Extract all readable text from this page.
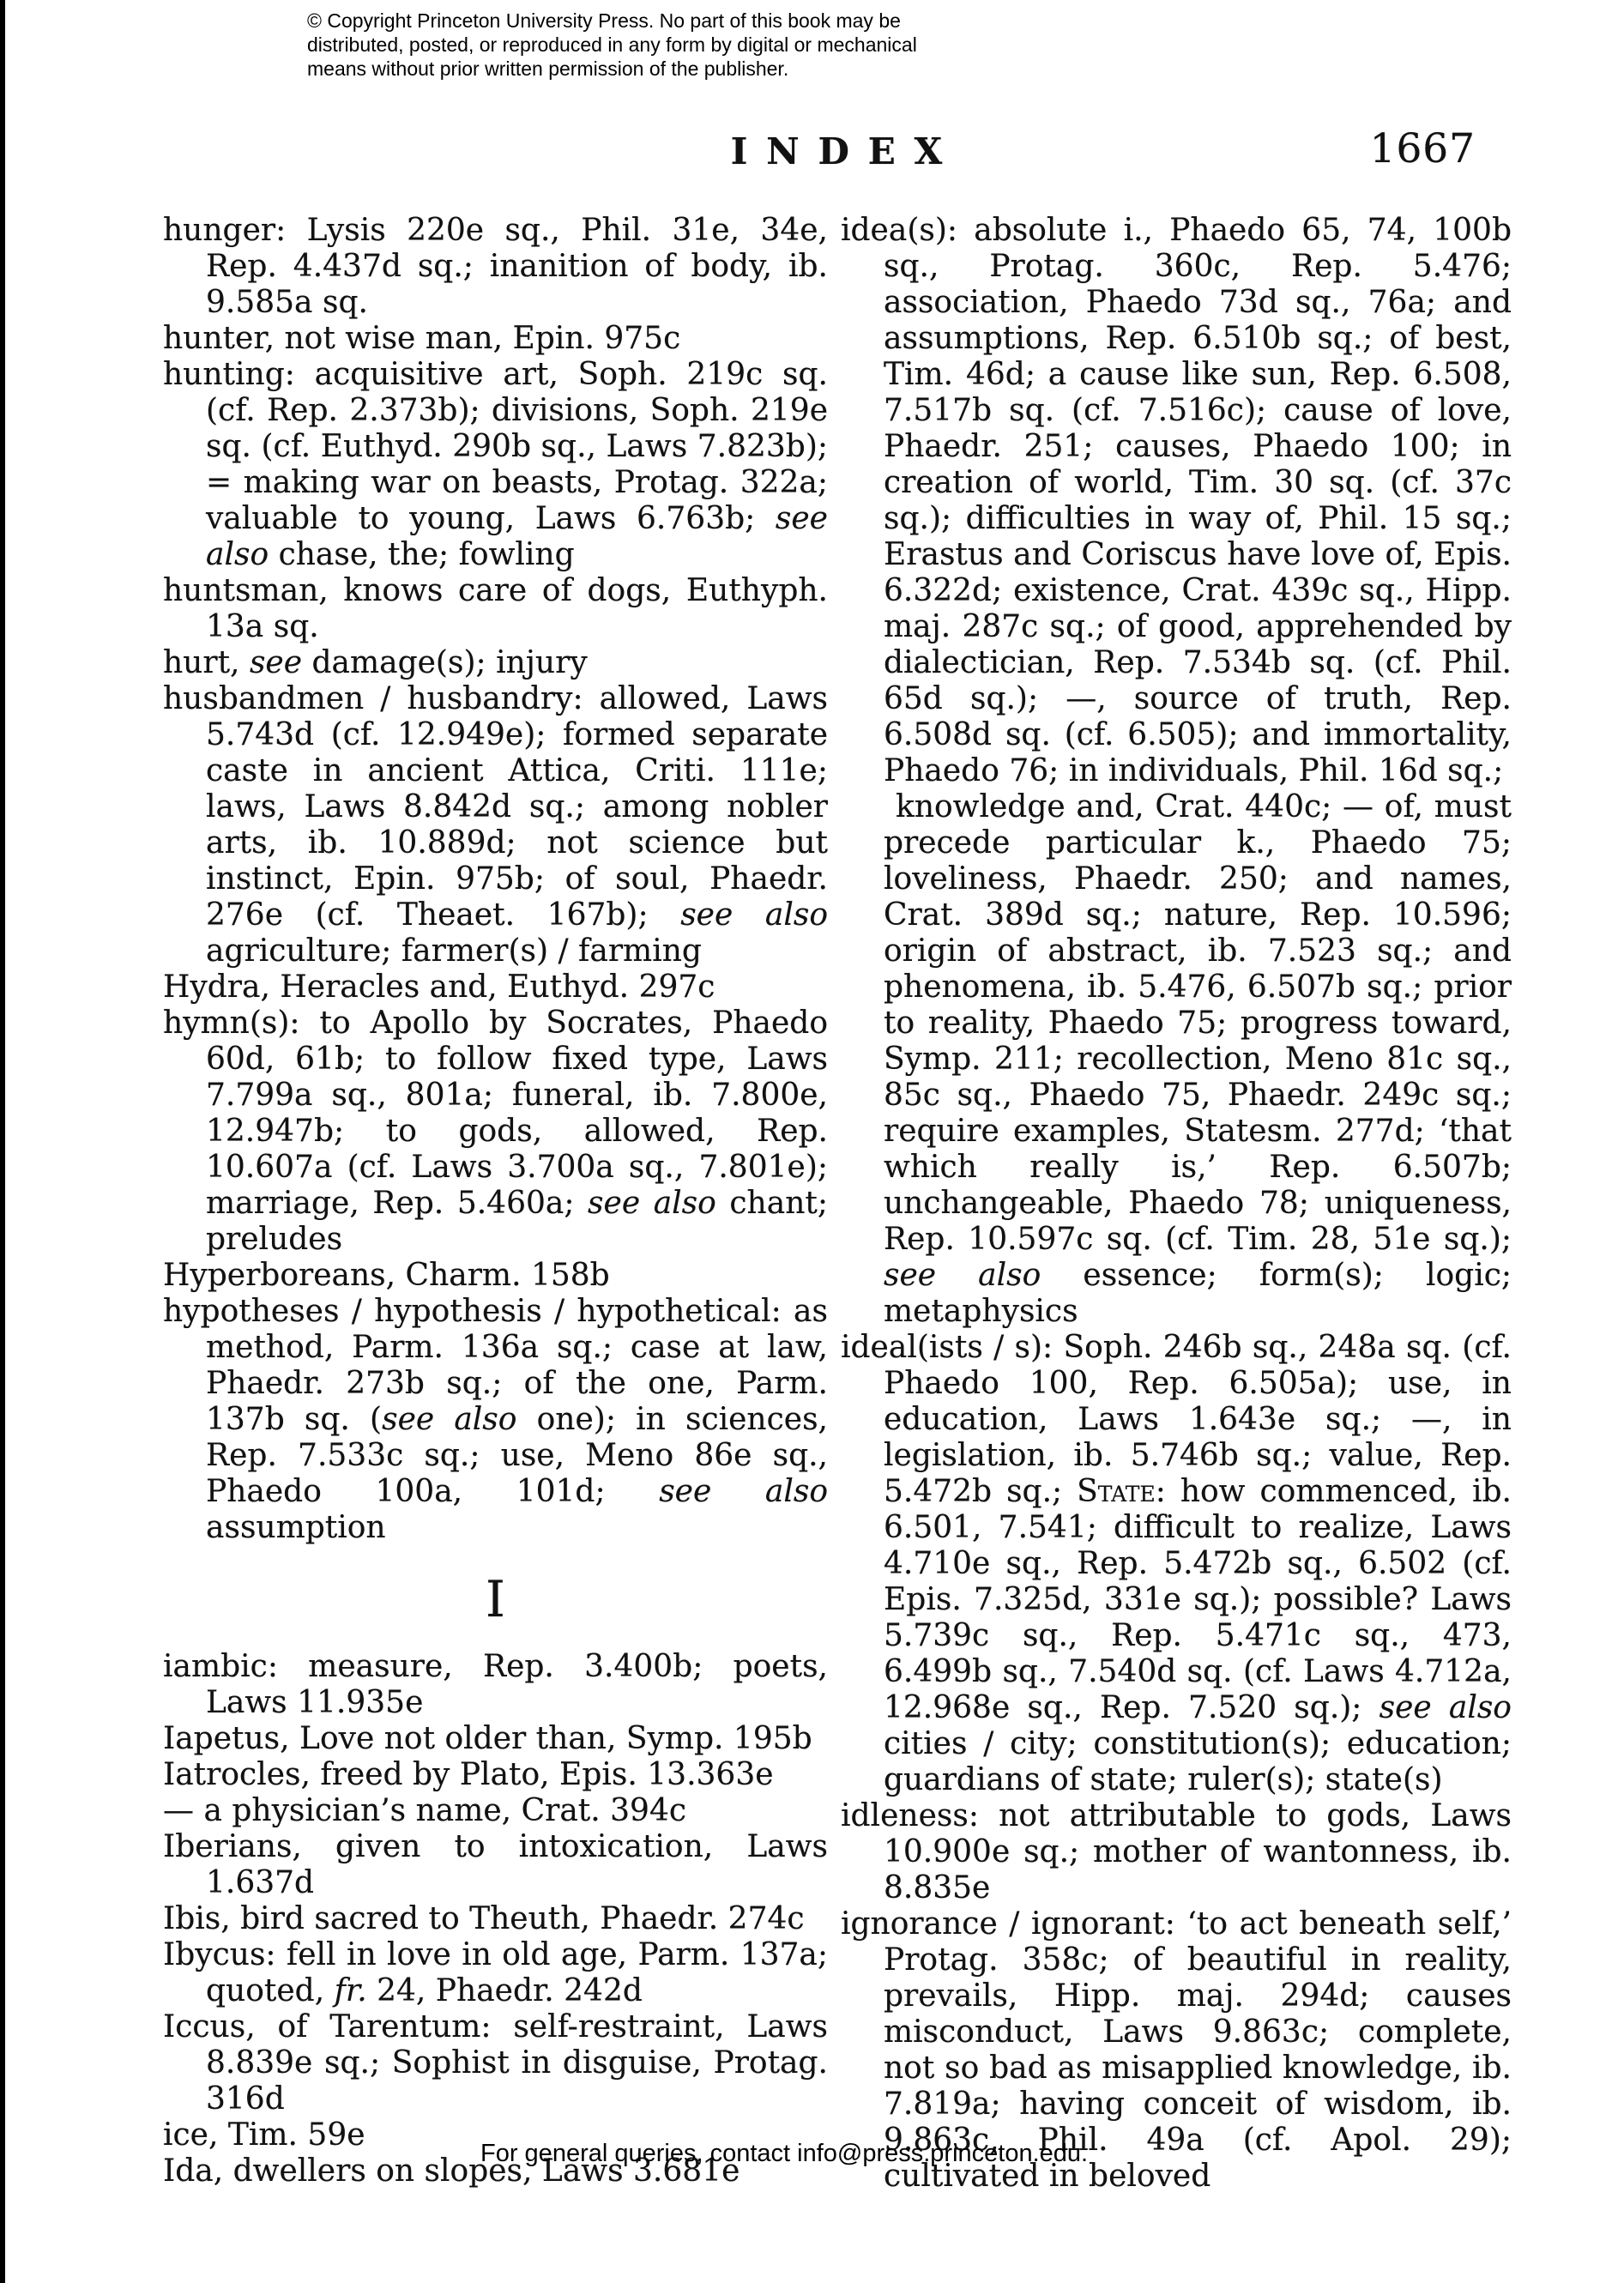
© Copyright Princeton University Press. No part of this book may be
distributed, posted, or reproduced in any form by digital or mechanical
means without prior written permission of the publisher.
INDEX	1667
hunger: Lysis 220e sq., Phil. 31e, 34e, Rep. 4.437d sq.; inanition of body, ib. 9.585a sq.
hunter, not wise man, Epin. 975c
hunting: acquisitive art, Soph. 219c sq. (cf. Rep. 2.373b); divisions, Soph. 219e sq. (cf. Euthyd. 290b sq., Laws 7.823b); = making war on beasts, Protag. 322a; valuable to young, Laws 6.763b; see also chase, the; fowling
huntsman, knows care of dogs, Euthyph. 13a sq.
hurt, see damage(s); injury
husbandmen / husbandry: allowed, Laws 5.743d (cf. 12.949e); formed separate caste in ancient Attica, Criti. 111e; laws, Laws 8.842d sq.; among nobler arts, ib. 10.889d; not science but instinct, Epin. 975b; of soul, Phaedr. 276e (cf. Theaet. 167b); see also agriculture; farmer(s) / farming
Hydra, Heracles and, Euthyd. 297c
hymn(s): to Apollo by Socrates, Phaedo 60d, 61b; to follow fixed type, Laws 7.799a sq., 801a; funeral, ib. 7.800e, 12.947b; to gods, allowed, Rep. 10.607a (cf. Laws 3.700a sq., 7.801e); marriage, Rep. 5.460a; see also chant; preludes
Hyperboreans, Charm. 158b
hypotheses / hypothesis / hypothetical: as method, Parm. 136a sq.; case at law, Phaedr. 273b sq.; of the one, Parm. 137b sq. (see also one); in sciences, Rep. 7.533c sq.; use, Meno 86e sq., Phaedo 100a, 101d; see also assumption
I
iambic: measure, Rep. 3.400b; poets, Laws 11.935e
Iapetus, Love not older than, Symp. 195b
Iatrocles, freed by Plato, Epis. 13.363e
— a physician’s name, Crat. 394c
Iberians, given to intoxication, Laws 1.637d
Ibis, bird sacred to Theuth, Phaedr. 274c
Ibycus: fell in love in old age, Parm. 137a; quoted, fr. 24, Phaedr. 242d
Iccus, of Tarentum: self-restraint, Laws 8.839e sq.; Sophist in disguise, Protag. 316d
ice, Tim. 59e
Ida, dwellers on slopes, Laws 3.681e
idea(s): absolute i., Phaedo 65, 74, 100b sq., Protag. 360c, Rep. 5.476; association, Phaedo 73d sq., 76a; and assumptions, Rep. 6.510b sq.; of best, Tim. 46d; a cause like sun, Rep. 6.508, 7.517b sq. (cf. 7.516c); cause of love, Phaedr. 251; causes, Phaedo 100; in creation of world, Tim. 30 sq. (cf. 37c sq.); difficulties in way of, Phil. 15 sq.; Erastus and Coriscus have love of, Epis. 6.322d; existence, Crat. 439c sq., Hipp. maj. 287c sq.; of good, apprehended by dialectician, Rep. 7.534b sq. (cf. Phil. 65d sq.); —, source of truth, Rep. 6.508d sq. (cf. 6.505); and immortality, Phaedo 76; in individuals, Phil. 16d sq.;
knowledge and, Crat. 440c; — of, must precede particular k., Phaedo 75; loveliness, Phaedr. 250; and names, Crat. 389d sq.; nature, Rep. 10.596; origin of abstract, ib. 7.523 sq.; and phenomena, ib. 5.476, 6.507b sq.; prior to reality, Phaedo 75; progress toward, Symp. 211; recollection, Meno 81c sq., 85c sq., Phaedo 75, Phaedr. 249c sq.; require examples, Statesm. 277d; ‘that which really is,’ Rep. 6.507b; unchangeable, Phaedo 78; uniqueness, Rep. 10.597c sq. (cf. Tim. 28, 51e sq.); see also essence; form(s); logic; metaphysics
ideal(ists / s): Soph. 246b sq., 248a sq. (cf. Phaedo 100, Rep. 6.505a); use, in education, Laws 1.643e sq.; —, in legislation, ib. 5.746b sq.; value, Rep. 5.472b sq.; State: how commenced, ib. 6.501, 7.541; difficult to realize, Laws 4.710e sq., Rep. 5.472b sq., 6.502 (cf. Epis. 7.325d, 331e sq.); possible? Laws 5.739c sq., Rep. 5.471c sq., 473, 6.499b sq., 7.540d sq. (cf. Laws 4.712a, 12.968e sq., Rep. 7.520 sq.); see also cities / city; constitution(s); education; guardians of state; ruler(s); state(s)
idleness: not attributable to gods, Laws 10.900e sq.; mother of wantonness, ib. 8.835e
ignorance / ignorant: ‘to act beneath self,’ Protag. 358c; of beautiful in reality, prevails, Hipp. maj. 294d; causes misconduct, Laws 9.863c; complete, not so bad as misapplied knowledge, ib. 7.819a; having conceit of wisdom, ib. 9.863c, Phil. 49a (cf. Apol. 29); cultivated in beloved
For general queries, contact info@press.princeton.edu.
